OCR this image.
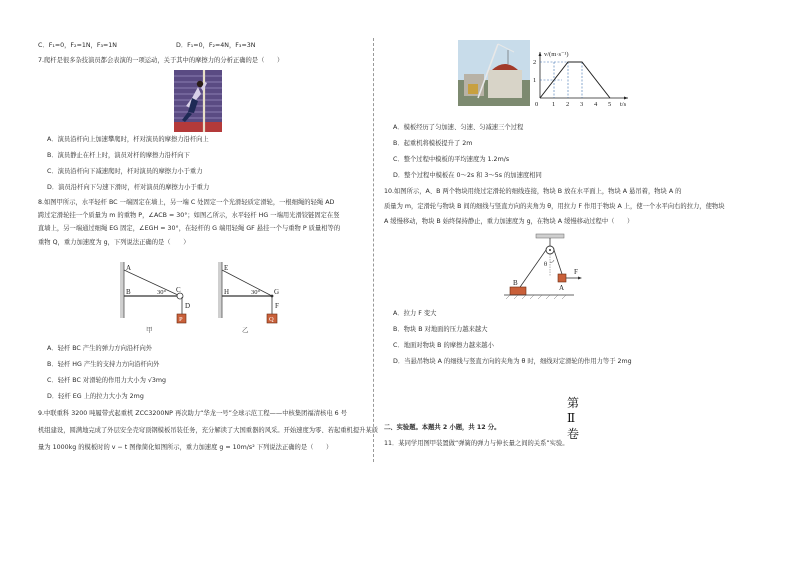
C．F₁=0，F₂=1N，F₃=1N	D．F₁=0，F₂=4N，F₃=3N
7.爬杆是很多杂技演员都会表演的一项运动，关于其中的摩擦力的分析正确的是（　　）
A．演员沿杆向上加速攀爬时，杆对演员的摩擦力沿杆向上
B．演员静止在杆上时，演员对杆的摩擦力沿杆向下
C．演员沿杆向下减速爬时，杆对演员的摩擦力小于重力
D．演员沿杆向下匀速下滑时，杆对演员的摩擦力小于重力
8.如图甲所示，水平轻杆 BC 一端固定在墙上，另一端 C 处固定一个光滑轻质定滑轮，一根细绳的轻绳 AD
跨过定滑轮挂一个质量为 m 的重物 P，∠ACB = 30°；如图乙所示，水平轻杆 HG 一端用光滑铰链固定在竖
直墙上，另一端通过细绳 EG 固定，∠EGH = 30°，在轻杆的 G 端用轻绳 GF 悬挂一个与重物 P 质量相等的
重物 Q，重力加速度为 g，下列说法正确的是（　　）
A
B	30° C
D
P
甲
E
H	30° G
F
Q
乙
A．轻杆 BC 产生的弹力方向沿杆向外
B．轻杆 HG 产生的支持力方向沿杆向外
C．轻杆 BC 对滑轮的作用力大小为 √3mg
D．轻杆 EG 上的拉力大小为 2mg
9.中联重科 3200 吨履带式起重机 ZCC3200NP 再次助力“华龙一号”全球示范工程——中核集团福清核电 6 号
机组建设，圆满地完成了外层安全壳穹顶钢模板吊装任务，充分解读了大国重器的风采。开始速度为零、若起重机提升某质
量为 1000kg 的模板时的 v − t 图像简化如图所示，重力加速度 g = 10m/s² 下列说法正确的是（　　）
v/(m·s⁻¹)
t/s
2
1
0 1 2 3 4 5
A．模板经历了匀加速、匀速、匀减速三个过程
B．起重机将模板提升了 2m
C．整个过程中模板的平均速度为 1.2m/s
D．整个过程中模板在 0～2s 和 3～5s 的加速度相同
10.如图所示，A、B 两个物块用绕过定滑轮的细线连接，物块 B 放在水平面上，物块 A 悬吊着，物块 A 的
质量为 m，定滑轮与物块 B 间的细线与竖直方向的夹角为 θ，用拉力 F 作用于物块 A 上，使一个水平向右的拉力，使物块
A 缓慢移动，物块 B 始终保持静止，重力加速度为 g，在物块 A 缓慢移动过程中（　　）
B
A
θ
F
A．拉力 F 变大
B．物块 B 对地面的压力越来越大
C．地面对物块 B 的摩擦力越来越小
D．当悬吊物块 A 的细线与竖直方向的夹角为 θ 时，细线对定滑轮的作用力等于 2mg
第Ⅱ卷
二、实验题。本题共 2 小题，共 12 分。
11．某同学用图甲装置做“弹簧的弹力与伸长量之间的关系”实验。
